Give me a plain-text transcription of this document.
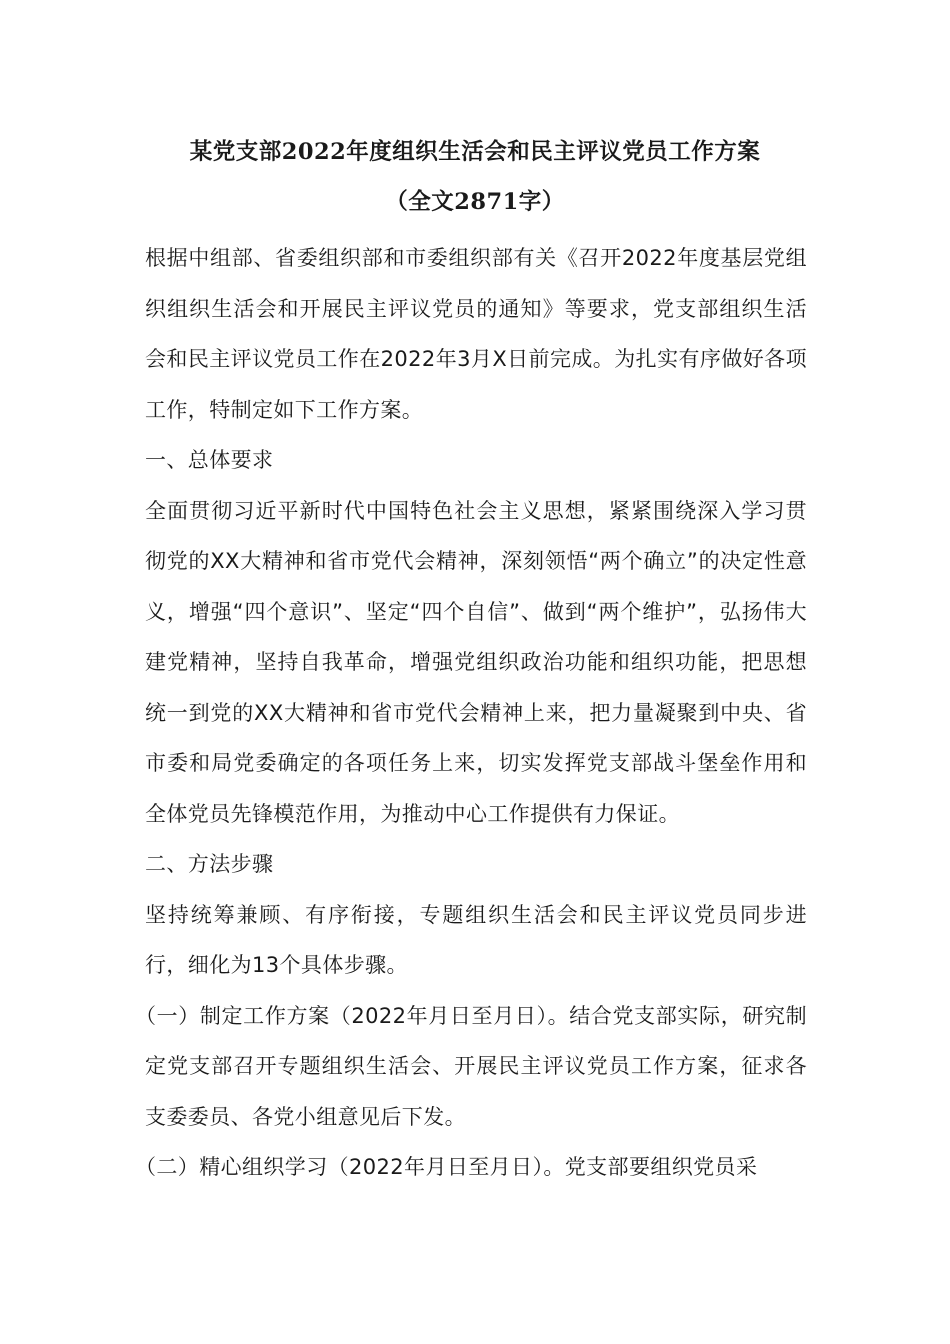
某党支部2022年度组织生活会和民主评议党员工作方案
（全文2871字）

根据中组部、省委组织部和市委组织部有关《召开2022年度基层党组织组织生活会和开展民主评议党员的通知》等要求，党支部组织生活会和民主评议党员工作在2022年3月X日前完成。为扎实有序做好各项工作，特制定如下工作方案。

一、总体要求

全面贯彻习近平新时代中国特色社会主义思想，紧紧围绕深入学习贯彻党的XX大精神和省市党代会精神，深刻领悟“两个确立”的决定性意义，增强“四个意识”、坚定“四个自信”、做到“两个维护”，弘扬伟大建党精神，坚持自我革命，增强党组织政治功能和组织功能，把思想统一到党的XX大精神和省市党代会精神上来，把力量凝聚到中央、省市委和局党委确定的各项任务上来，切实发挥党支部战斗堡垒作用和全体党员先锋模范作用，为推动中心工作提供有力保证。

二、方法步骤

坚持统筹兼顾、有序衔接，专题组织生活会和民主评议党员同步进行，细化为13个具体步骤。

（一）制定工作方案（2022年月日至月日）。结合党支部实际，研究制定党支部召开专题组织生活会、开展民主评议党员工作方案，征求各支委委员、各党小组意见后下发。

（二）精心组织学习（2022年月日至月日）。党支部要组织党员采
